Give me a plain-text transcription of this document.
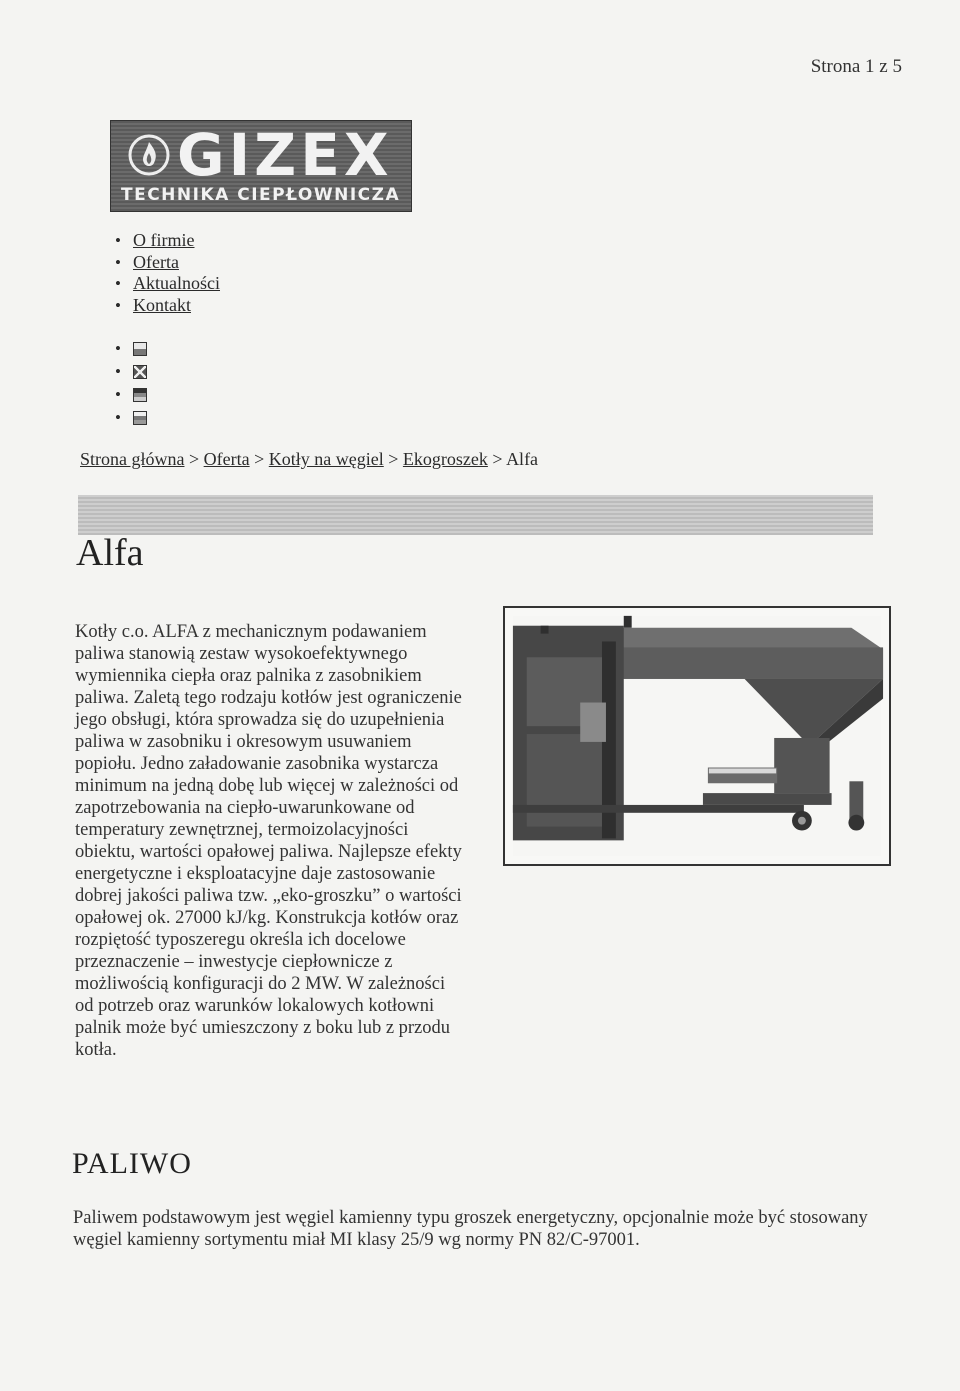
Strona 1 z 5
GIZEX
TECHNIKA CIEPŁOWNICZA
• O firmie
• Oferta
• Aktualności
• Kontakt
•
•
•
•
Strona główna > Oferta > Kotły na węgiel > Ekogroszek > Alfa
Alfa

Kotły c.o. ALFA z mechanicznym podawaniem paliwa stanowią zestaw wysokoefektywnego wymiennika ciepła oraz palnika z zasobnikiem paliwa. Zaletą tego rodzaju kotłów jest ograniczenie jego obsługi, która sprowadza się do uzupełnienia paliwa w zasobniku i okresowym usuwaniem popiołu. Jedno załadowanie zasobnika wystarcza minimum na jedną dobę lub więcej w zależności od zapotrzebowania na ciepło-uwarunkowane od temperatury zewnętrznej, termoizolacyjności obiektu, wartości opałowej paliwa. Najlepsze efekty energetyczne i eksploatacyjne daje zastosowanie dobrej jakości paliwa tzw. „eko-groszku” o wartości opałowej ok. 27000 kJ/kg. Konstrukcja kotłów oraz rozpiętość typoszeregu określa ich docelowe przeznaczenie – inwestycje ciepłownicze z możliwością konfiguracji do 2 MW. W zależności od potrzeb oraz warunków lokalowych kotłowni palnik może być umieszczony z boku lub z przodu kotła.

PALIWO

Paliwem podstawowym jest węgiel kamienny typu groszek energetyczny, opcjonalnie może być stosowany węgiel kamienny sortymentu miał MI klasy 25/9 wg normy PN 82/C-97001.
